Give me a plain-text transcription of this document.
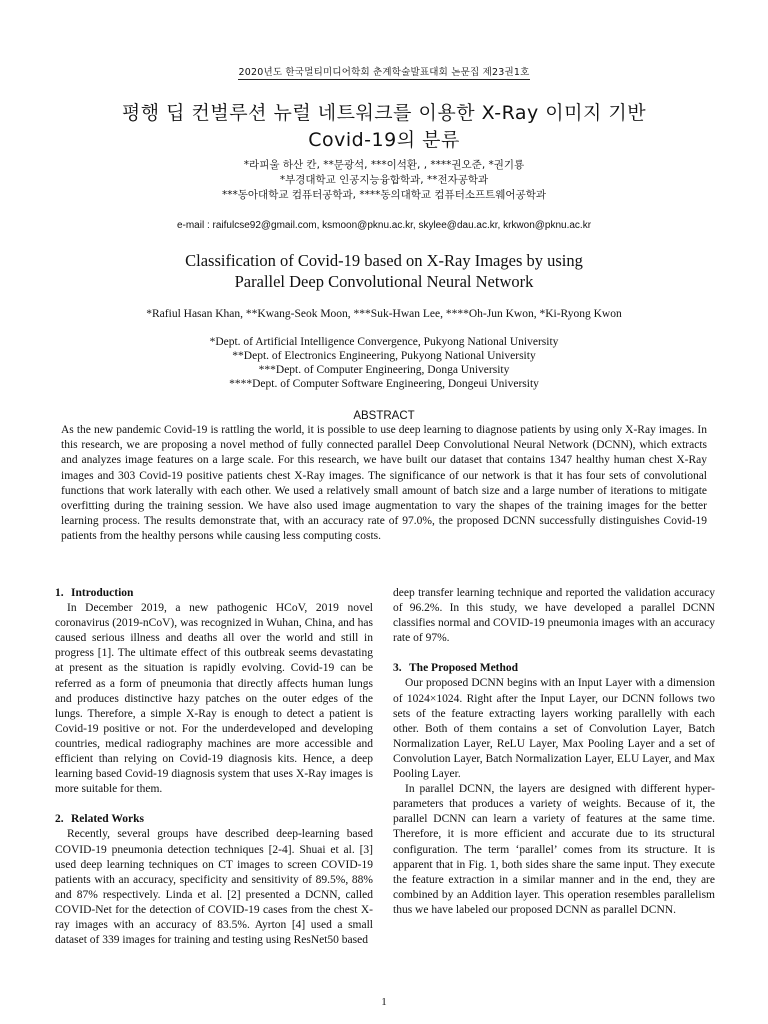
2020년도 한국멀티미디어학회 춘계학술발표대회 논문집 제23권1호
평행 딥 컨벌루션 뉴럴 네트워크를 이용한 X-Ray 이미지 기반
Covid-19의 분류
*라피울 하산 칸, **문광석, ***이석환, , ****권오준, *권기룡
*부경대학교 인공지능융합학과, **전자공학과
***동아대학교 컴퓨터공학과, ****동의대학교 컴퓨터소프트웨어공학과
e-mail : raifulcse92@gmail.com, ksmoon@pknu.ac.kr, skylee@dau.ac.kr, krkwon@pknu.ac.kr
Classification of Covid-19 based on X-Ray Images by using
Parallel Deep Convolutional Neural Network
*Rafiul Hasan Khan, **Kwang-Seok Moon, ***Suk-Hwan Lee, ****Oh-Jun Kwon, *Ki-Ryong Kwon
*Dept. of Artificial Intelligence Convergence, Pukyong National University
**Dept. of Electronics Engineering, Pukyong National University
***Dept. of Computer Engineering, Donga University
****Dept. of Computer Software Engineering, Dongeui University
ABSTRACT
As the new pandemic Covid-19 is rattling the world, it is possible to use deep learning to diagnose patients by using only X-Ray images. In this research, we are proposing a novel method of fully connected parallel Deep Convolutional Neural Network (DCNN), which extracts and analyzes image features on a large scale. For this research, we have built our dataset that contains 1347 healthy human chest X-Ray images and 303 Covid-19 positive patients chest X-Ray images. The significance of our network is that it has four sets of convolutional functions that work laterally with each other. We used a relatively small amount of batch size and a large number of iterations to mitigate overfitting during the training session. We have also used image augmentation to vary the shapes of the training images for the better learning process. The results demonstrate that, with an accuracy rate of 97.0%, the proposed DCNN successfully distinguishes Covid-19 patients from the healthy persons while causing less computing costs.

1. Introduction

In December 2019, a new pathogenic HCoV, 2019 novel coronavirus (2019-nCoV), was recognized in Wuhan, China, and has caused serious illness and deaths all over the world and still in progress [1]. The ultimate effect of this outbreak seems devastating at present as the situation is rapidly evolving. Covid-19 can be referred as a form of pneumonia that directly affects human lungs and produces distinctive hazy patches on the outer edges of the lungs. Therefore, a simple X-Ray is enough to detect a patient is Covid-19 positive or not. For the underdeveloped and developing countries, medical radiography machines are more accessible and efficient than relying on Covid-19 diagnosis kits. Hence, a deep learning based Covid-19 diagnosis system that uses X-Ray images is more suitable for them.

2. Related Works

Recently, several groups have described deep-learning based COVID-19 pneumonia detection techniques [2-4]. Shuai et al. [3] used deep learning techniques on CT images to screen COVID-19 patients with an accuracy, specificity and sensitivity of 89.5%, 88% and 87% respectively. Linda et al. [2] presented a DCNN, called COVID-Net for the detection of COVID-19 cases from the chest X-ray images with an accuracy of 83.5%. Ayrton [4] used a small dataset of 339 images for training and testing using ResNet50 based

deep transfer learning technique and reported the validation accuracy of 96.2%. In this study, we have developed a parallel DCNN classifies normal and COVID-19 pneumonia images with an accuracy rate of 97%.

3. The Proposed Method

Our proposed DCNN begins with an Input Layer with a dimension of 1024×1024. Right after the Input Layer, our DCNN follows two sets of the feature extracting layers working parallelly with each other. Both of them contains a set of Convolution Layer, Batch Normalization Layer, ReLU Layer, Max Pooling Layer and a set of Convolution Layer, Batch Normalization Layer, ELU Layer, and Max Pooling Layer.

In parallel DCNN, the layers are designed with different hyper-parameters that produces a variety of weights. Because of it, the parallel DCNN can learn a variety of features at the same time. Therefore, it is more efficient and accurate due to its structural configuration. The term ‘parallel’ comes from its structure. It is apparent that in Fig. 1, both sides share the same input. They execute the feature extraction in a similar manner and in the end, they are combined by an Addition layer. This operation resembles parallelism thus we have labeled our proposed DCNN as parallel DCNN.

1
